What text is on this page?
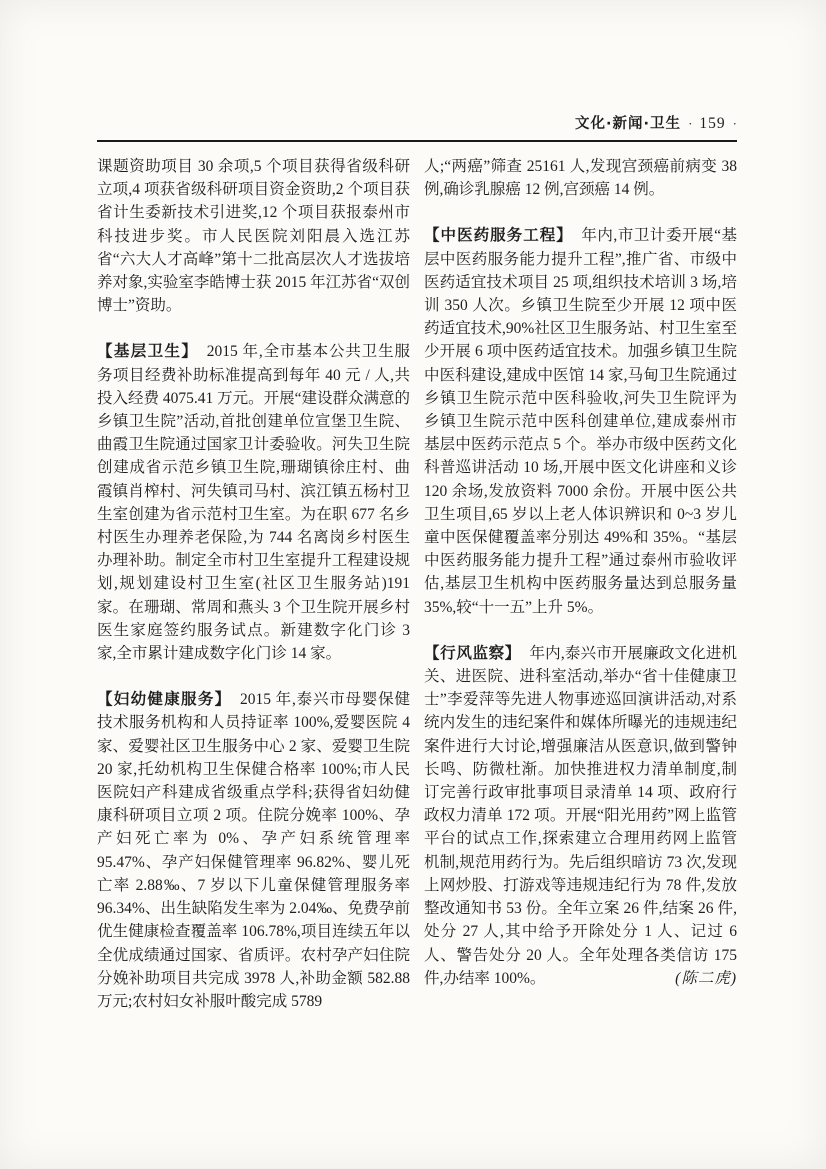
文化·新闻·卫生 · 159 ·

课题资助项目 30 余项,5 个项目获得省级科研立项,4 项获省级科研项目资金资助,2 个项目获省计生委新技术引进奖,12 个项目获报泰州市科技进步奖。市人民医院刘阳晨入选江苏省“六大人才高峰”第十二批高层次人才选拔培养对象,实验室李皓博士获 2015 年江苏省“双创博士”资助。

【基层卫生】 2015 年,全市基本公共卫生服务项目经费补助标准提高到每年 40 元 / 人,共投入经费 4075.41 万元。开展“建设群众满意的乡镇卫生院”活动,首批创建单位宣堡卫生院、曲霞卫生院通过国家卫计委验收。河失卫生院创建成省示范乡镇卫生院,珊瑚镇徐庄村、曲霞镇肖榨村、河失镇司马村、滨江镇五杨村卫生室创建为省示范村卫生室。为在职 677 名乡村医生办理养老保险,为 744 名离岗乡村医生办理补助。制定全市村卫生室提升工程建设规划,规划建设村卫生室(社区卫生服务站)191 家。在珊瑚、常周和燕头 3 个卫生院开展乡村医生家庭签约服务试点。新建数字化门诊 3 家,全市累计建成数字化门诊 14 家。

【妇幼健康服务】 2015 年,泰兴市母婴保健技术服务机构和人员持证率 100%,爱婴医院 4 家、爱婴社区卫生服务中心 2 家、爱婴卫生院 20 家,托幼机构卫生保健合格率 100%;市人民医院妇产科建成省级重点学科;获得省妇幼健康科研项目立项 2 项。住院分娩率 100%、孕产妇死亡率为 0%、孕产妇系统管理率 95.47%、孕产妇保健管理率 96.82%、婴儿死亡率 2.88‰、7 岁以下儿童保健管理服务率 96.34%、出生缺陷发生率为 2.04‰、免费孕前优生健康检查覆盖率 106.78%,项目连续五年以全优成绩通过国家、省质评。农村孕产妇住院分娩补助项目共完成 3978 人,补助金额 582.88 万元;农村妇女补服叶酸完成 5789

人;“两癌”筛查 25161 人,发现宫颈癌前病变 38 例,确诊乳腺癌 12 例,宫颈癌 14 例。

【中医药服务工程】 年内,市卫计委开展“基层中医药服务能力提升工程”,推广省、市级中医药适宜技术项目 25 项,组织技术培训 3 场,培训 350 人次。乡镇卫生院至少开展 12 项中医药适宜技术,90%社区卫生服务站、村卫生室至少开展 6 项中医药适宜技术。加强乡镇卫生院中医科建设,建成中医馆 14 家,马甸卫生院通过乡镇卫生院示范中医科验收,河失卫生院评为乡镇卫生院示范中医科创建单位,建成泰州市基层中医药示范点 5 个。举办市级中医药文化科普巡讲活动 10 场,开展中医文化讲座和义诊 120 余场,发放资料 7000 余份。开展中医公共卫生项目,65 岁以上老人体识辨识和 0~3 岁儿童中医保健覆盖率分别达 49%和 35%。“基层中医药服务能力提升工程”通过泰州市验收评估,基层卫生机构中医药服务量达到总服务量 35%,较“十一五”上升 5%。

【行风监察】 年内,泰兴市开展廉政文化进机关、进医院、进科室活动,举办“省十佳健康卫士”李爱萍等先进人物事迹巡回演讲活动,对系统内发生的违纪案件和媒体所曝光的违规违纪案件进行大讨论,增强廉洁从医意识,做到警钟长鸣、防微杜渐。加快推进权力清单制度,制订完善行政审批事项目录清单 14 项、政府行政权力清单 172 项。开展“阳光用药”网上监管平台的试点工作,探索建立合理用药网上监管机制,规范用药行为。先后组织暗访 73 次,发现上网炒股、打游戏等违规违纪行为 78 件,发放整改通知书 53 份。全年立案 26 件,结案 26 件,处分 27 人,其中给予开除处分 1 人、记过 6 人、警告处分 20 人。全年处理各类信访 175 件,办结率 100%。	(陈二虎)
